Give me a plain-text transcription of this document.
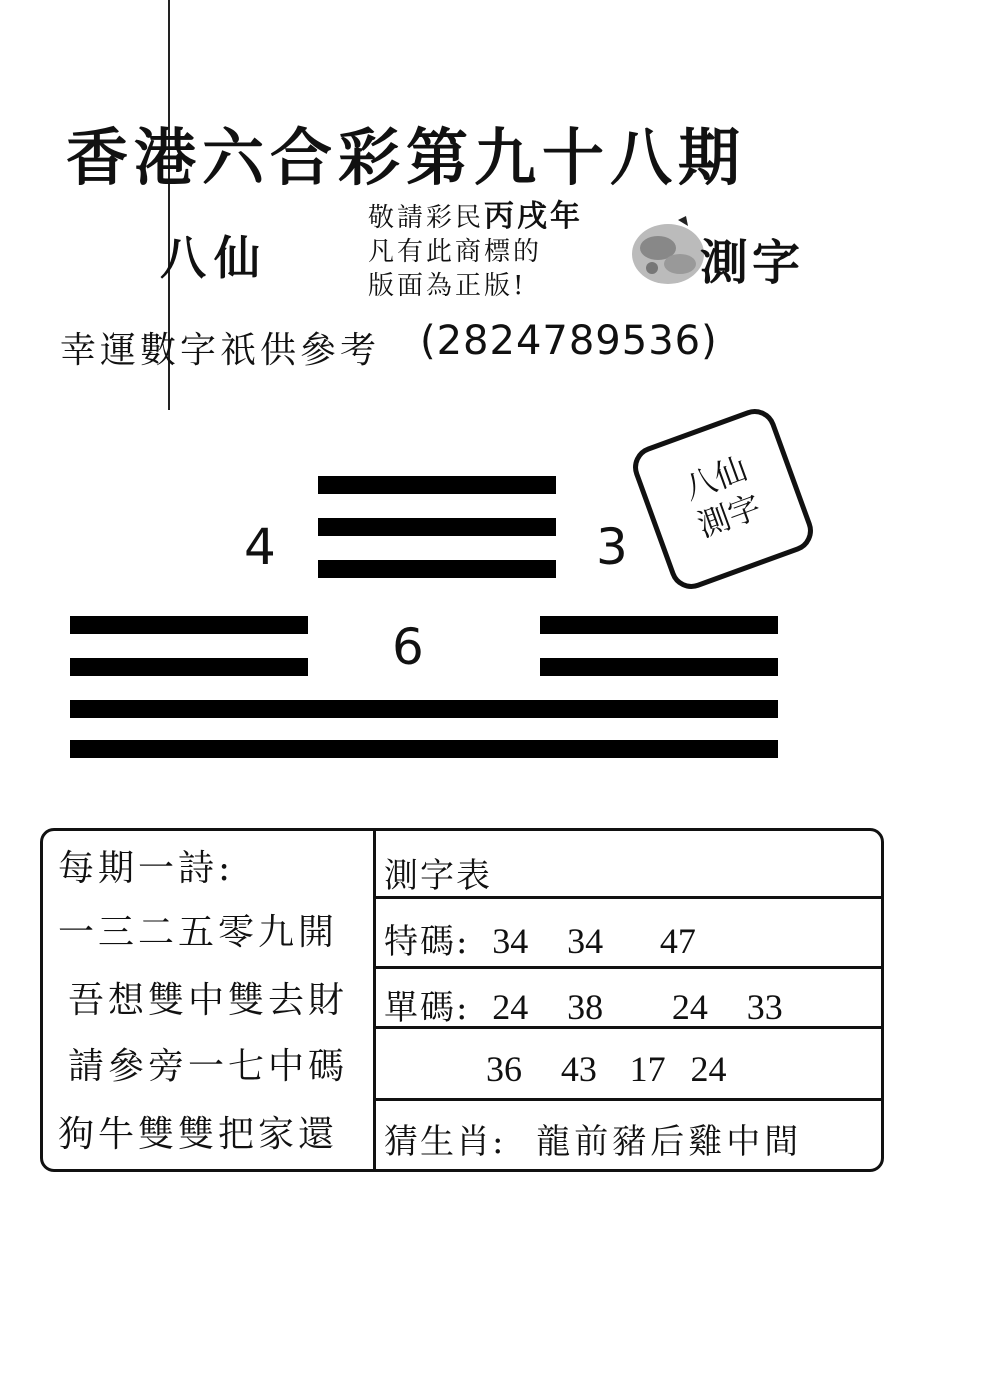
香港六合彩第九十八期
八仙
敬請彩民丙戌年
凡有此商標的
版面為正版!	測字
幸運數字祇供參考 (2824789536)
4	3
6
八仙
測字
每期一詩:
一三二五零九開
吾想雙中雙去財
請參旁一七中碼
狗牛雙雙把家還
測字表
特碼: 34 34 47
單碼: 24 38 24 33
36 43 17 24
猜生肖: 龍前豬后雞中間
